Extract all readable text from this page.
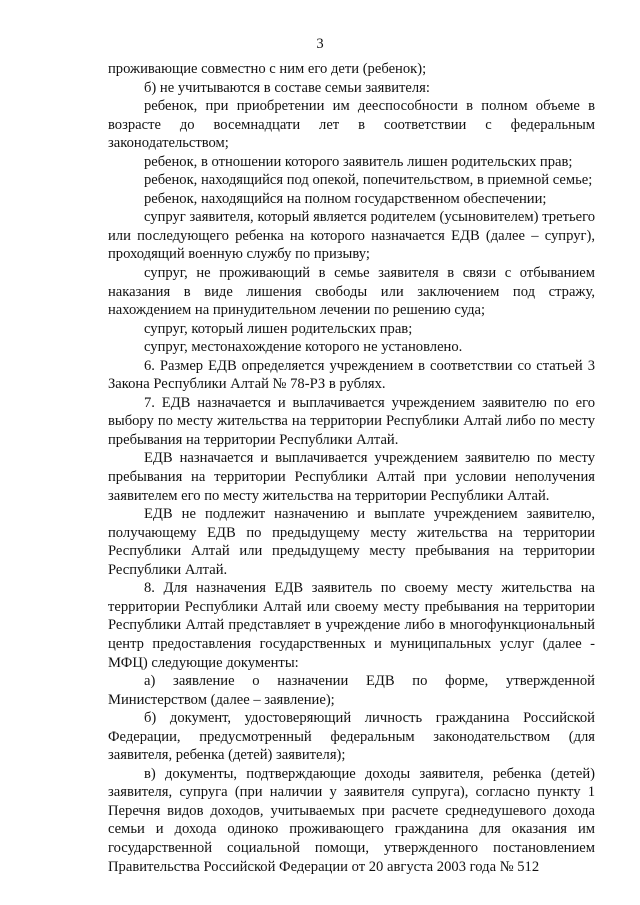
3

проживающие совместно с ним его дети (ребенок);

б) не учитываются в составе семьи заявителя:

ребенок, при приобретении им дееспособности в полном объеме в возрасте до восемнадцати лет в соответствии с федеральным законодательством;

ребенок, в отношении которого заявитель лишен родительских прав;

ребенок, находящийся под опекой, попечительством, в приемной семье;

ребенок, находящийся на полном государственном обеспечении;

супруг заявителя, который является родителем (усыновителем) третьего или последующего ребенка на которого назначается ЕДВ (далее – супруг), проходящий военную службу по призыву;

супруг, не проживающий в семье заявителя в связи с отбыванием наказания в виде лишения свободы или заключением под стражу, нахождением на принудительном лечении по решению суда;

супруг, который лишен родительских прав;

супруг, местонахождение которого не установлено.

6. Размер ЕДВ определяется учреждением в соответствии со статьей 3 Закона Республики Алтай № 78-РЗ в рублях.

7. ЕДВ назначается и выплачивается учреждением заявителю по его выбору по месту жительства на территории Республики Алтай либо по месту пребывания на территории Республики Алтай.

ЕДВ назначается и выплачивается учреждением заявителю по месту пребывания на территории Республики Алтай при условии неполучения заявителем его по месту жительства на территории Республики Алтай.

ЕДВ не подлежит назначению и выплате учреждением заявителю, получающему ЕДВ по предыдущему месту жительства на территории Республики Алтай или предыдущему месту пребывания на территории Республики Алтай.

8. Для назначения ЕДВ заявитель по своему месту жительства на территории Республики Алтай или своему месту пребывания на территории Республики Алтай представляет в учреждение либо в многофункциональный центр предоставления государственных и муниципальных услуг (далее - МФЦ) следующие документы:

а) заявление о назначении ЕДВ по форме, утвержденной Министерством (далее – заявление);

б) документ, удостоверяющий личность гражданина Российской Федерации, предусмотренный федеральным законодательством (для заявителя, ребенка (детей) заявителя);

в) документы, подтверждающие доходы заявителя, ребенка (детей) заявителя, супруга (при наличии у заявителя супруга), согласно пункту 1 Перечня видов доходов, учитываемых при расчете среднедушевого дохода семьи и дохода одиноко проживающего гражданина для оказания им государственной социальной помощи, утвержденного постановлением Правительства Российской Федерации от 20 августа 2003 года № 512
